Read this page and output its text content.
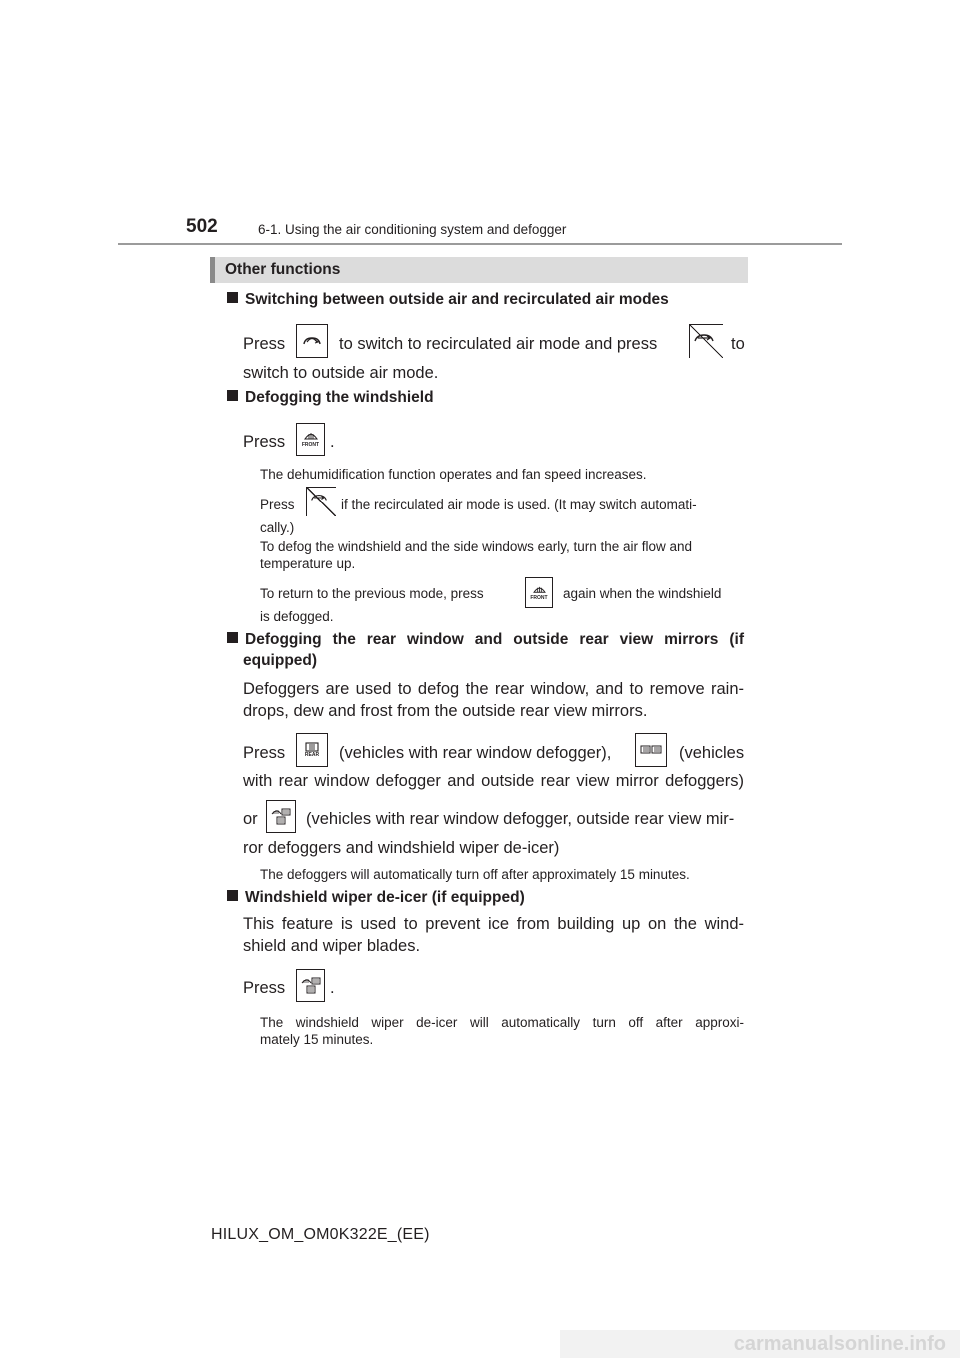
502	6-1. Using the air conditioning system and defogger
Other functions
Switching between outside air and recirculated air modes
Press	to switch to recirculated air mode and press	to
switch to outside air mode.
Defogging the windshield
Press	FRONT .
The dehumidification function operates and fan speed increases.
Press	if the recirculated air mode is used. (It may switch automati-
cally.)
To defog the windshield and the side windows early, turn the air flow and
temperature up.
To return to the previous mode, press	FRONT again when the windshield
is defogged.
Defogging the rear window and outside rear view mirrors (if
equipped)
Defoggers are used to defog the rear window, and to remove rain-
drops, dew and frost from the outside rear view mirrors.
Press	REAR (vehicles with rear window defogger),	(vehicles
with rear window defogger and outside rear view mirror defoggers)
or	(vehicles with rear window defogger, outside rear view mir-
ror defoggers and windshield wiper de-icer)
The defoggers will automatically turn off after approximately 15 minutes.
Windshield wiper de-icer (if equipped)
This feature is used to prevent ice from building up on the wind-
shield and wiper blades.
Press	.
The windshield wiper de-icer will automatically turn off after approxi-
mately 15 minutes.
HILUX_OM_OM0K322E_(EE)
carmanualsonline.info
